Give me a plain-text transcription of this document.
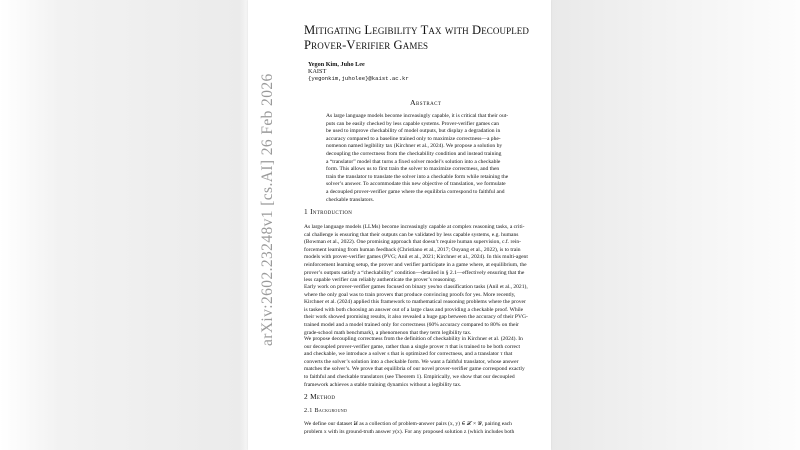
arXiv:2602.23248v1 [cs.AI] 26 Feb 2026
Mitigating Legibility Tax with Decoupled
Prover-Verifier Games
Yegon Kim, Juho Lee
KAIST
{yegonkim,juholee}@kaist.ac.kr
Abstract
As large language models become increasingly capable, it is critical that their out-
puts can be easily checked by less capable systems. Prover-verifier games can
be used to improve checkability of model outputs, but display a degradation in
accuracy compared to a baseline trained only to maximize correctness—a phe-
nomenon named legibility tax (Kirchner et al., 2024). We propose a solution by
decoupling the correctness from the checkability condition and instead training
a “translator” model that turns a fixed solver model’s solution into a checkable
form. This allows us to first train the solver to maximize correctness, and then
train the translator to translate the solver into a checkable form while retaining the
solver’s answer. To accommodate this new objective of translation, we formulate
a decoupled prover-verifier game where the equilibria correspond to faithful and
checkable translators.
1 Introduction
As large language models (LLMs) become increasingly capable at complex reasoning tasks, a criti-
cal challenge is ensuring that their outputs can be validated by less capable systems, e.g. humans
(Bowman et al., 2022). One promising approach that doesn’t require human supervision, c.f. rein-
forcement learning from human feedback (Christiano et al., 2017; Ouyang et al., 2022), is to train
models with prover-verifier games (PVG; Anil et al., 2021; Kirchner et al., 2024). In this multi-agent
reinforcement learning setup, the prover and verifier participate in a game where, at equilibrium, the
prover’s outputs satisfy a “checkability” condition—detailed in § 2.1—effectively ensuring that the
less capable verifier can reliably authenticate the prover’s reasoning.
Early work on prover-verifier games focused on binary yes/no classification tasks (Anil et al., 2021),
where the only goal was to train provers that produce convincing proofs for yes. More recently,
Kirchner et al. (2024) applied this framework to mathematical reasoning problems where the prover
is tasked with both choosing an answer out of a large class and providing a checkable proof. While
their work showed promising results, it also revealed a huge gap between the accuracy of their PVG-
trained model and a model trained only for correctness (60% accuracy compared to 80% on their
grade-school math benchmark), a phenomenon that they term legibility tax.
We propose decoupling correctness from the definition of checkability in Kirchner et al. (2024). In
our decoupled prover-verifier game, rather than a single prover π that is trained to be both correct
and checkable, we introduce a solver s that is optimized for correctness, and a translator τ that
converts the solver’s solution into a checkable form. We want a faithful translator, whose answer
matches the solver’s. We prove that equilibria of our novel prover-verifier game correspond exactly
to faithful and checkable translators (see Theorem 1). Empirically, we show that our decoupled
framework achieves a stable training dynamics without a legibility tax.
2 Method
2.1 Background
We define our dataset 𝒟 as a collection of problem-answer pairs (x, y) ∈ 𝒳 × 𝒴, pairing each
problem x with its ground-truth answer y(x). For any proposed solution z (which includes both
